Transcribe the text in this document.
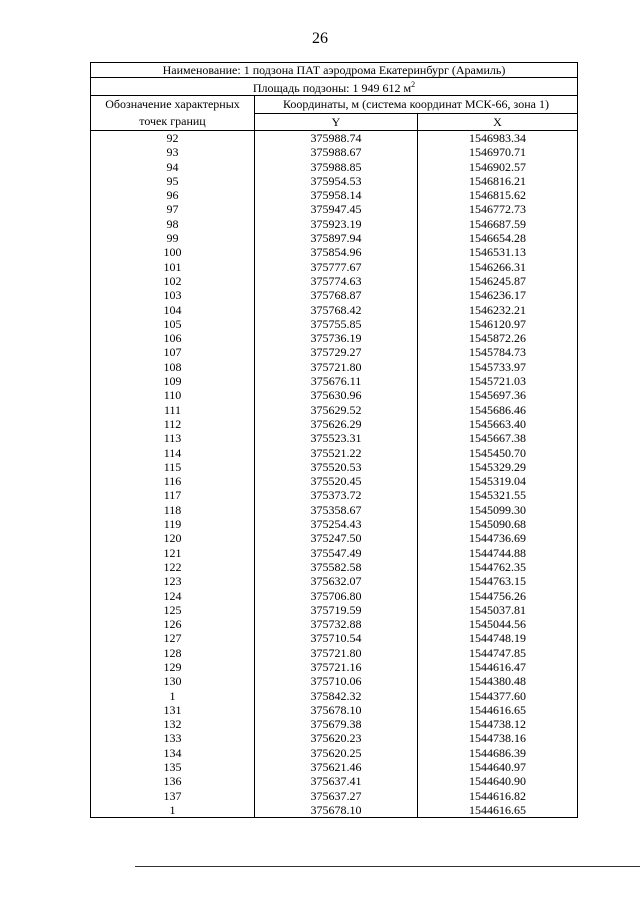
26
Наименование: 1 подзона ПАТ аэродрома Екатеринбург (Арамиль)		
Площадь подзоны: 1 949 612 $м^2$
Обозначение характерных точек границ	Координаты, м (система координат МСК-66, зона 1)	
	Y	X
92	375988.74	1546983.34
93	375988.67	1546970.71
94	375988.85	1546902.57
95	375954.53	1546816.21
96	375958.14	1546815.62
97	375947.45	1546772.73
98	375923.19	1546687.59
99	375897.94	1546654.28
100	375854.96	1546531.13
101	375777.67	1546266.31
102	375774.63	1546245.87
103	375768.87	1546236.17
104	375768.42	1546232.21
105	375755.85	1546120.97
106	375736.19	1545872.26
107	375729.27	1545784.73
108	375721.80	1545733.97
109	375676.11	1545721.03
110	375630.96	1545697.36
111	375629.52	1545686.46
112	375626.29	1545663.40
113	375523.31	1545667.38
114	375521.22	1545450.70
115	375520.53	1545329.29
116	375520.45	1545319.04
117	375373.72	1545321.55
118	375358.67	1545099.30
119	375254.43	1545090.68
120	375247.50	1544736.69
121	375547.49	1544744.88
122	375582.58	1544762.35
123	375632.07	1544763.15
124	375706.80	1544756.26
125	375719.59	1545037.81
126	375732.88	1545044.56
127	375710.54	1544748.19
128	375721.80	1544747.85
129	375721.16	1544616.47
130	375710.06	1544380.48
1	375842.32	1544377.60
131	375678.10	1544616.65
132	375679.38	1544738.12
133	375620.23	1544738.16
134	375620.25	1544686.39
135	375621.46	1544640.97
136	375637.41	1544640.90
137	375637.27	1544616.82
1	375678.10	1544616.65
